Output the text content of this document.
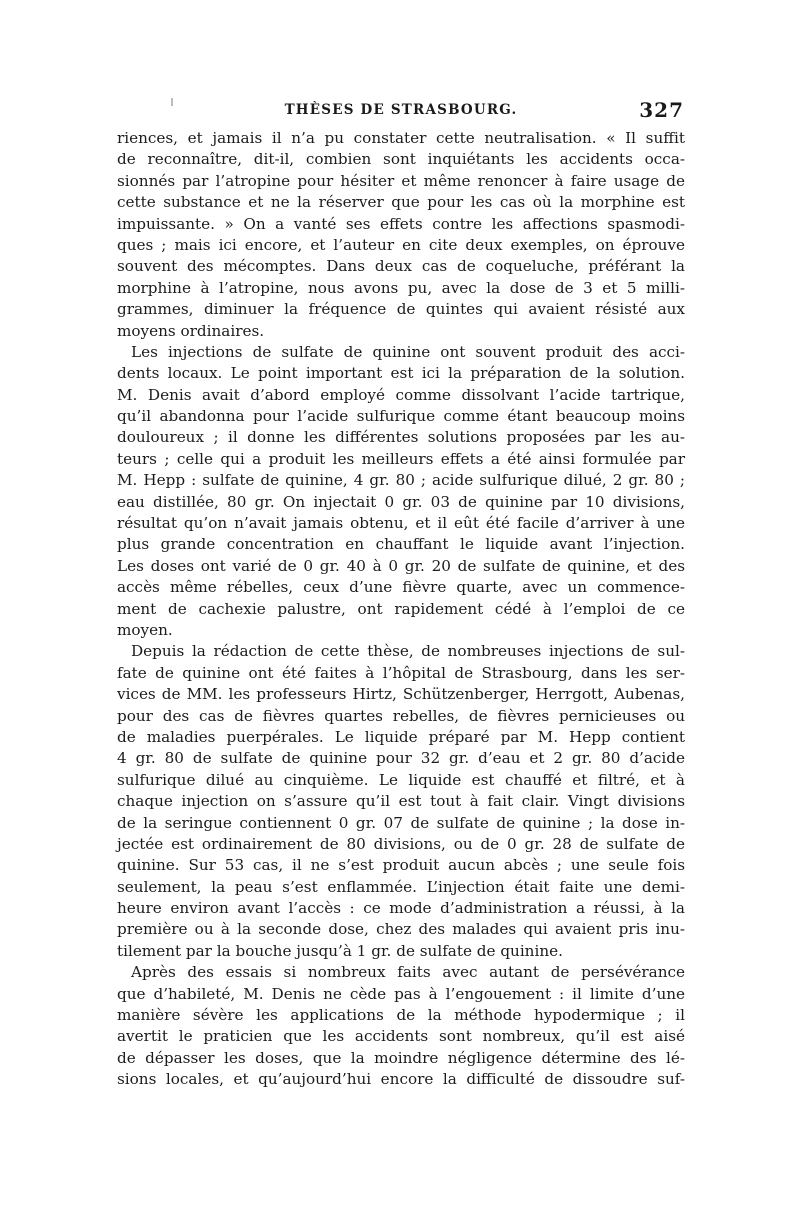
THÈSES DE STRASBOURG.	327
riences, et jamais il n’a pu constater cette neutralisation. « Il suffit
de reconnaître, dit-il, combien sont inquiétants les accidents occa-
sionnés par l’atropine pour hésiter et même renoncer à faire usage de
cette substance et ne la réserver que pour les cas où la morphine est
impuissante. » On a vanté ses effets contre les affections spasmodi-
ques ; mais ici encore, et l’auteur en cite deux exemples, on éprouve
souvent des mécomptes. Dans deux cas de coqueluche, préférant la
morphine à l’atropine, nous avons pu, avec la dose de 3 et 5 milli-
grammes, diminuer la fréquence de quintes qui avaient résisté aux
moyens ordinaires.
Les injections de sulfate de quinine ont souvent produit des acci-
dents locaux. Le point important est ici la préparation de la solution.
M. Denis avait d’abord employé comme dissolvant l’acide tartrique,
qu’il abandonna pour l’acide sulfurique comme étant beaucoup moins
douloureux ; il donne les différentes solutions proposées par les au-
teurs ; celle qui a produit les meilleurs effets a été ainsi formulée par
M. Hepp : sulfate de quinine, 4 gr. 80 ; acide sulfurique dilué, 2 gr. 80 ;
eau distillée, 80 gr. On injectait 0 gr. 03 de quinine par 10 divisions,
résultat qu’on n’avait jamais obtenu, et il eût été facile d’arriver à une
plus grande concentration en chauffant le liquide avant l’injection.
Les doses ont varié de 0 gr. 40 à 0 gr. 20 de sulfate de quinine, et des
accès même rébelles, ceux d’une fièvre quarte, avec un commence-
ment de cachexie palustre, ont rapidement cédé à l’emploi de ce
moyen.
Depuis la rédaction de cette thèse, de nombreuses injections de sul-
fate de quinine ont été faites à l’hôpital de Strasbourg, dans les ser-
vices de MM. les professeurs Hirtz, Schützenberger, Herrgott, Aubenas,
pour des cas de fièvres quartes rebelles, de fièvres pernicieuses ou
de maladies puerpérales. Le liquide préparé par M. Hepp contient
4 gr. 80 de sulfate de quinine pour 32 gr. d’eau et 2 gr. 80 d’acide
sulfurique dilué au cinquième. Le liquide est chauffé et filtré, et à
chaque injection on s’assure qu’il est tout à fait clair. Vingt divisions
de la seringue contiennent 0 gr. 07 de sulfate de quinine ; la dose in-
jectée est ordinairement de 80 divisions, ou de 0 gr. 28 de sulfate de
quinine. Sur 53 cas, il ne s’est produit aucun abcès ; une seule fois
seulement, la peau s’est enflammée. L’injection était faite une demi-
heure environ avant l’accès : ce mode d’administration a réussi, à la
première ou à la seconde dose, chez des malades qui avaient pris inu-
tilement par la bouche jusqu’à 1 gr. de sulfate de quinine.
Après des essais si nombreux faits avec autant de persévérance
que d’habileté, M. Denis ne cède pas à l’engouement : il limite d’une
manière sévère les applications de la méthode hypodermique ; il
avertit le praticien que les accidents sont nombreux, qu’il est aisé
de dépasser les doses, que la moindre négligence détermine des lé-
sions locales, et qu’aujourd’hui encore la difficulté de dissoudre suf-
